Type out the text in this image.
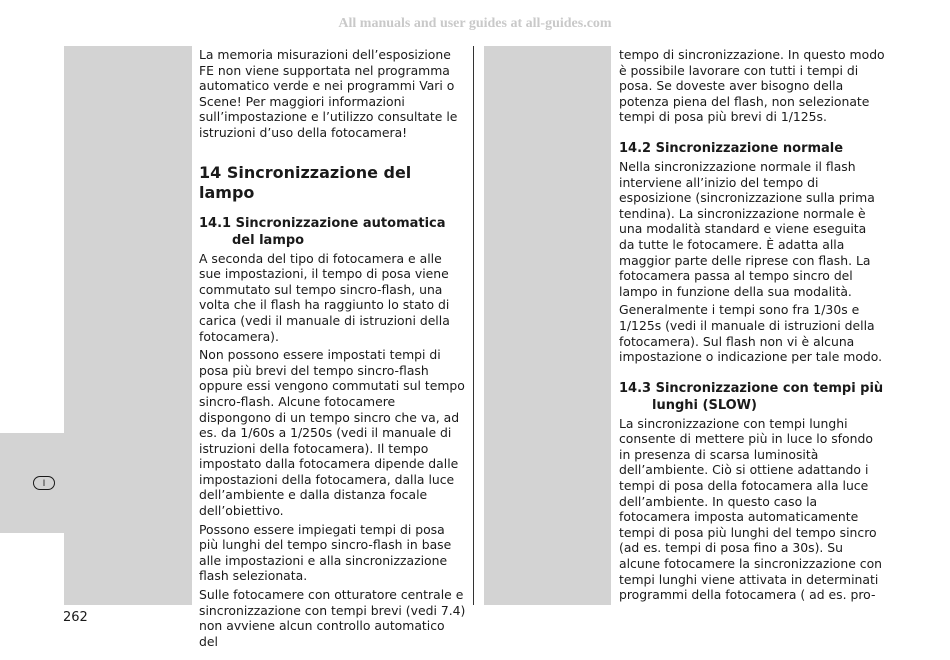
All manuals and user guides at all-guides.com
I

La memoria misurazioni dell’esposizione FE non viene supportata nel programma automatico verde e nei programmi Vari o Scene! Per maggiori informazioni sull’impostazione e l’utilizzo consultate le istruzioni d’uso della fotocamera!

14 Sincronizzazione del lampo
14.1 Sincronizzazione automatica del lampo

A seconda del tipo di fotocamera e alle sue impostazioni, il tempo di posa viene commutato sul tempo sincro-flash, una volta che il flash ha raggiunto lo stato di carica (vedi il manuale di istruzioni della fotocamera).

Non possono essere impostati tempi di posa più brevi del tempo sincro-flash oppure essi vengono commutati sul tempo sincro-flash. Alcune fotocamere dispongono di un tempo sincro che va, ad es. da 1/60s a 1/250s (vedi il manuale di istruzioni della fotocamera). Il tempo impostato dalla fotocamera dipende dalle impostazioni della fotocamera, dalla luce dell’ambiente e dalla distanza focale dell’obiettivo.

Possono essere impiegati tempi di posa più lunghi del tempo sincro-flash in base alle impostazioni e alla sincronizzazione flash selezionata.

Sulle fotocamere con otturatore centrale e sincronizzazione con tempi brevi (vedi 7.4) non avviene alcun controllo automatico del

tempo di sincronizzazione. In questo modo è possibile lavorare con tutti i tempi di posa. Se doveste aver bisogno della potenza piena del flash, non selezionate tempi di posa più brevi di 1/125s.

14.2 Sincronizzazione normale

Nella sincronizzazione normale il flash interviene all’inizio del tempo di esposizione (sincronizzazione sulla prima tendina). La sincronizzazione normale è una modalità standard e viene eseguita da tutte le fotocamere. È adatta alla maggior parte delle riprese con flash. La fotocamera passa al tempo sincro del lampo in funzione della sua modalità.

Generalmente i tempi sono fra 1/30s e 1/125s (vedi il manuale di istruzioni della fotocamera). Sul flash non vi è alcuna impostazione o indicazione per tale modo.

14.3 Sincronizzazione con tempi più lunghi (SLOW)

La sincronizzazione con tempi lunghi consente di mettere più in luce lo sfondo in presenza di scarsa luminosità dell’ambiente. Ciò si ottiene adattando i tempi di posa della fotocamera alla luce dell’ambiente. In questo caso la fotocamera imposta automaticamente tempi di posa più lunghi del tempo sincro (ad es. tempi di posa fino a 30s). Su alcune fotocamere la sincronizzazione con tempi lunghi viene attivata in determinati programmi della fotocamera ( ad es. pro-

262
